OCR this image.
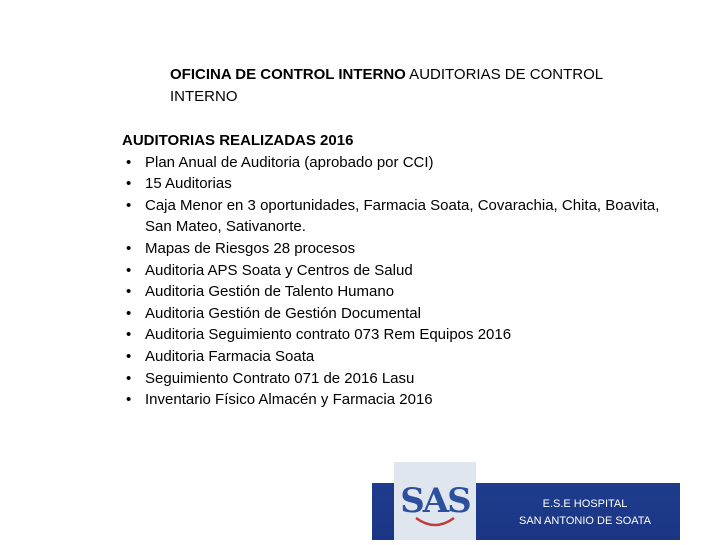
OFICINA DE CONTROL INTERNO AUDITORIAS DE CONTROL INTERNO
AUDITORIAS REALIZADAS 2016
• Plan Anual de Auditoria (aprobado por CCI)
• 15 Auditorias
• Caja Menor en 3 oportunidades, Farmacia Soata, Covarachia, Chita, Boavita, San Mateo, Sativanorte.
• Mapas de Riesgos 28 procesos
• Auditoria APS Soata y Centros de Salud
• Auditoria Gestión de Talento Humano
• Auditoria Gestión de Gestión Documental
• Auditoria Seguimiento contrato 073 Rem Equipos 2016
• Auditoria Farmacia Soata
• Seguimiento Contrato 071 de 2016 Lasu
• Inventario Físico Almacén y Farmacia 2016
SAS	E.S.E HOSPITAL
SAN ANTONIO DE SOATA
